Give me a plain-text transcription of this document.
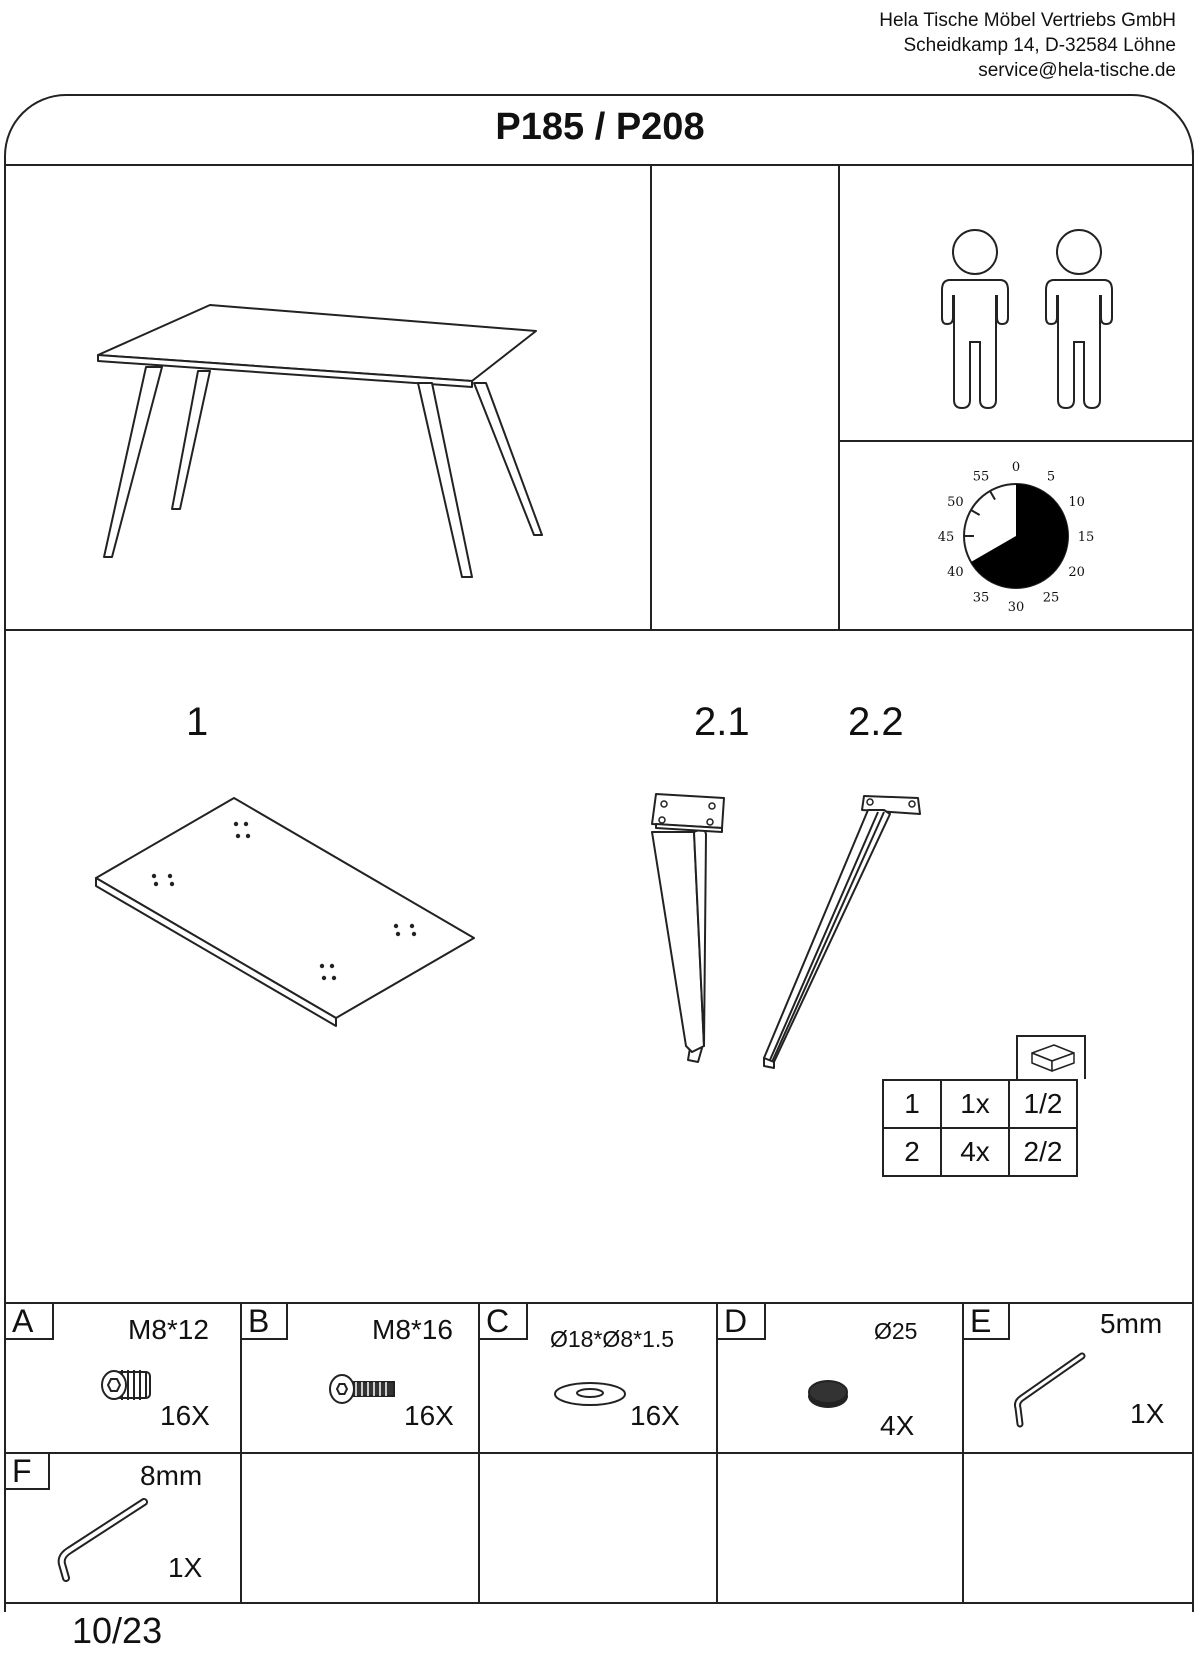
Hela Tische Möbel Vertriebs GmbH
Scheidkamp 14, D-32584 Löhne
service@hela-tische.de
P185 / P208
0
5
10
15
20
25
30
35
40
45
50
55
1	2.1 2.2
1	1x	1/2
2	4x	2/2
A	M8*12
16X
B	M8*16
16X
C	Ø18*Ø8*1.5
16X
D	Ø25
4X
E	5mm
1X
F	8mm
1X
10/23
